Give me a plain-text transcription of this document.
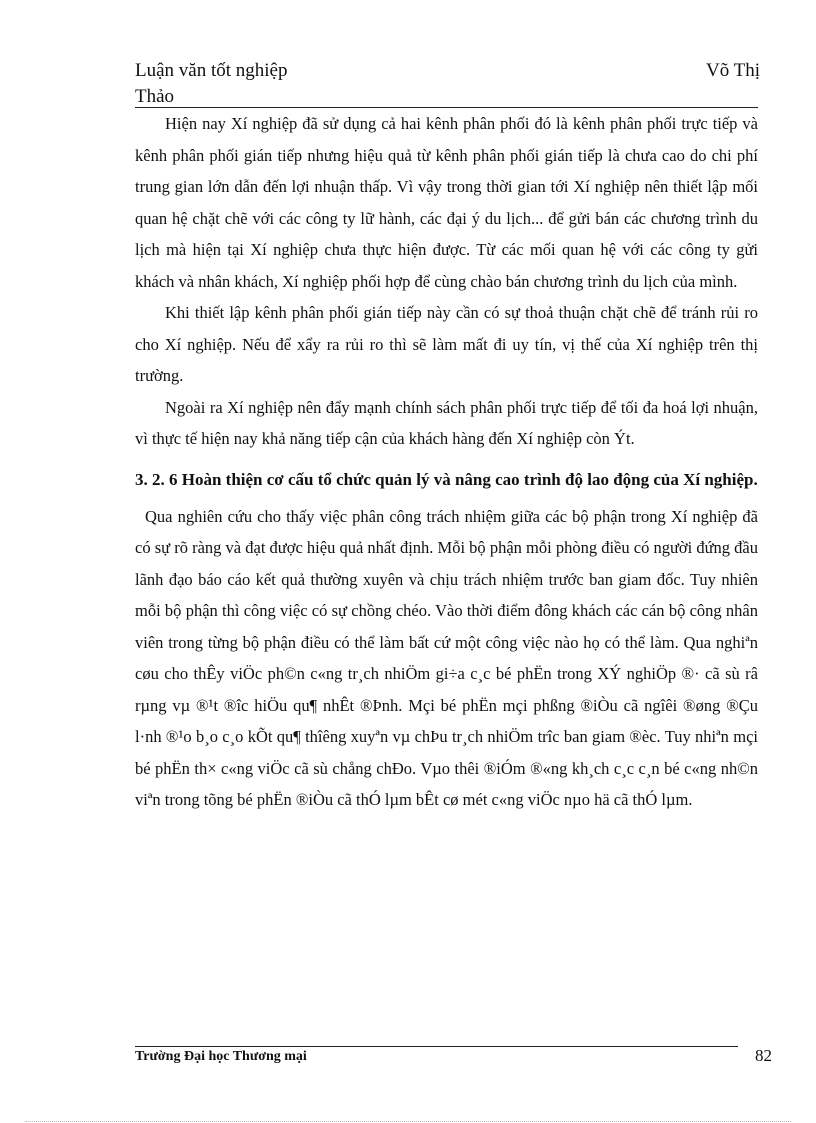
Luận văn tốt nghiệp	Võ Thị
Thảo

Hiện nay Xí nghiệp đã sử dụng cả hai kênh phân phối đó là kênh phân phối trực tiếp và kênh phân phối gián tiếp nhưng hiệu quả từ kênh phân phối gián tiếp là chưa cao do chi phí trung gian lớn dẫn đến lợi nhuận thấp. Vì vậy trong thời gian tới Xí nghiệp nên thiết lập mối quan hệ chặt chẽ với các công ty lữ hành, các đại ý du lịch... để gửi bán các chương trình du lịch mà hiện tại Xí nghiệp chưa thực hiện được. Từ các mối quan hệ với các công ty gửi khách và nhân khách, Xí nghiệp phối hợp để cùng chào bán chương trình du lịch của mình.

Khi thiết lập kênh phân phối gián tiếp này cần có sự thoả thuận chặt chẽ để tránh rủi ro cho Xí nghiệp. Nếu để xẩy ra rủi ro thì sẽ làm mất đi uy tín, vị thế của Xí nghiệp trên thị trường.

Ngoài ra Xí nghiệp nên đẩy mạnh chính sách phân phối trực tiếp để tối đa hoá lợi nhuận, vì thực tế hiện nay khả năng tiếp cận của khách hàng đến Xí nghiệp còn Ýt.

3. 2. 6 Hoàn thiện cơ cấu tổ chức quản lý và nâng cao trình độ lao động của Xí nghiệp.

Qua nghiên cứu cho thấy việc phân công trách nhiệm giữa các bộ phận trong Xí nghiệp đã có sự rõ ràng và đạt được hiệu quả nhất định. Mỗi bộ phận mỗi phòng điều có người đứng đầu lãnh đạo báo cáo kết quả thường xuyên và chịu trách nhiệm trước ban giam đốc. Tuy nhiên mỗi bộ phận thì công việc có sự chồng chéo. Vào thời điểm đông khách các cán bộ công nhân viên trong từng bộ phận điều có thể làm bất cứ một công việc nào họ có thể làm. Qua nghiªn cøu cho thÊy viÖc ph©n c«ng tr¸ch nhiÖm gi÷a c¸c bé phËn trong XÝ nghiÖp ®· cã sù râ rµng vµ ®¹t ®îc hiÖu qu¶ nhÊt ®Þnh. Mçi bé phËn mçi phßng ®iÒu cã ngîêi ®øng ®Çu l·nh ®¹o b¸o c¸o kÕt qu¶ thîêng xuyªn vµ chÞu tr¸ch nhiÖm trîc ban giam ®èc. Tuy nhiªn mçi bé phËn th× c«ng viÖc cã sù chång chÐo. Vµo thêi ®iÓm ®«ng kh¸ch c¸c c¸n bé c«ng nh©n viªn trong tõng bé phËn ®iÒu cã thÓ lµm bÊt cø mét c«ng viÖc nµo hä cã thÓ lµm.

Trường Đại học Thương mại	82
